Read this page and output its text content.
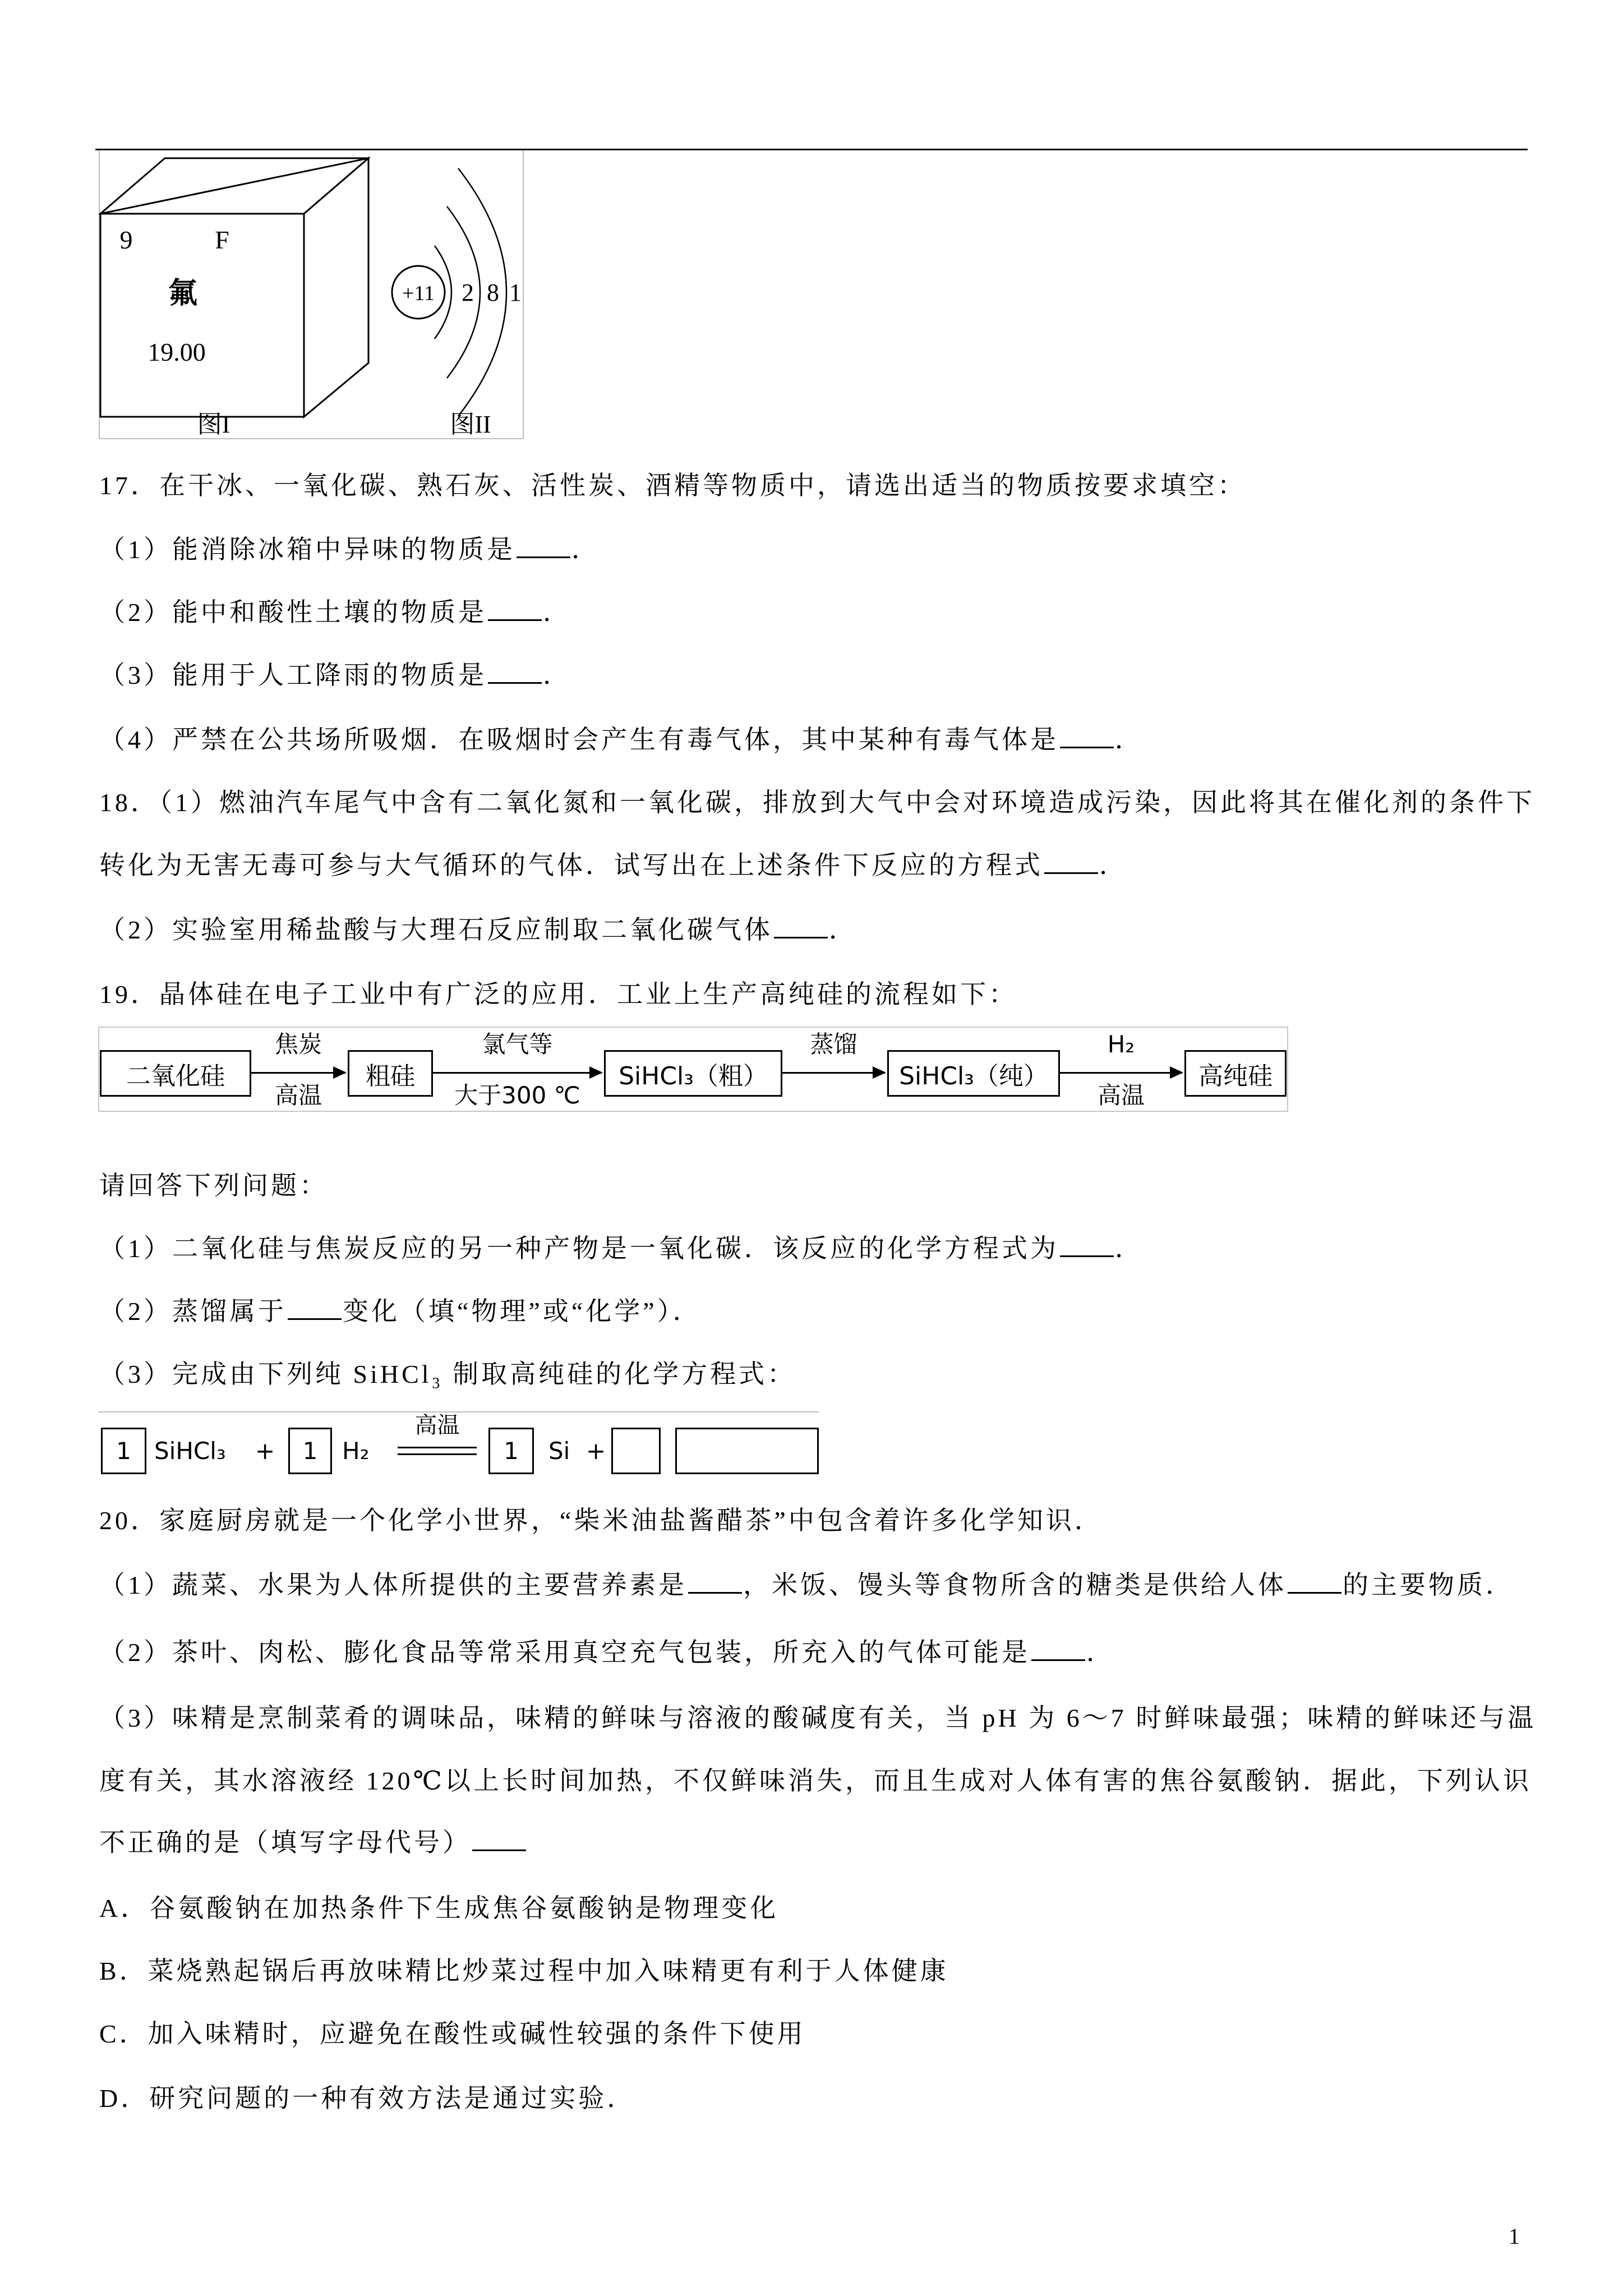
9	F
氟
19.00
图I
+11 2 8 1
图II
17．在干冰、一氧化碳、熟石灰、活性炭、酒精等物质中，请选出适当的物质按要求填空：
（1）能消除冰箱中异味的物质是 ．
（2）能中和酸性土壤的物质是 ．
（3）能用于人工降雨的物质是 ．
（4）严禁在公共场所吸烟．在吸烟时会产生有毒气体，其中某种有毒气体是 ．
18．（1）燃油汽车尾气中含有二氧化氮和一氧化碳，排放到大气中会对环境造成污染，因此将其在催化剂的条件下
转化为无害无毒可参与大气循环的气体．试写出在上述条件下反应的方程式 ．
（2）实验室用稀盐酸与大理石反应制取二氧化碳气体 ．
19．晶体硅在电子工业中有广泛的应用．工业上生产高纯硅的流程如下：
二氧化硅
焦炭
高温
粗硅
氯气等
大于300 ℃
SiHCl₃（粗）
蒸馏
SiHCl₃（纯）
H₂
高温
高纯硅
请回答下列问题：
（1）二氧化硅与焦炭反应的另一种产物是一氧化碳．该反应的化学方程式为 ．
（2）蒸馏属于 变化（填“物理”或“化学”）．
（3）完成由下列纯 SiHCl₃ 制取高纯硅的化学方程式：
1 SiHCl₃ +	1	H₂
高温
1	Si +
20．家庭厨房就是一个化学小世界，“柴米油盐酱醋茶”中包含着许多化学知识．
（1）蔬菜、水果为人体所提供的主要营养素是 ，米饭、馒头等食物所含的糖类是供给人体 的主要物质．
（2）茶叶、肉松、膨化食品等常采用真空充气包装，所充入的气体可能是 ．
（3）味精是烹制菜肴的调味品，味精的鲜味与溶液的酸碱度有关，当 pH 为 6～7 时鲜味最强；味精的鲜味还与温
度有关，其水溶液经 120℃以上长时间加热，不仅鲜味消失，而且生成对人体有害的焦谷氨酸钠．据此，下列认识
不正确的是（填写字母代号）
A．谷氨酸钠在加热条件下生成焦谷氨酸钠是物理变化
B．菜烧熟起锅后再放味精比炒菜过程中加入味精更有利于人体健康
C．加入味精时，应避免在酸性或碱性较强的条件下使用
D．研究问题的一种有效方法是通过实验．
1
